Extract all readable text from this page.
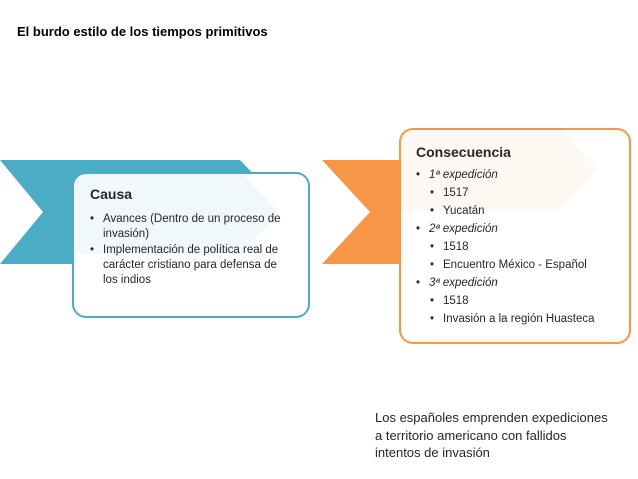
El burdo estilo de los tiempos primitivos
Causa
• Avances (Dentro de un proceso de invasión)
• Implementación de política real de carácter cristiano para defensa de los indios
Consecuencia
• 1ª expedición
• 1517
• Yucatán
• 2ª expedición
• 1518
• Encuentro México - Español
• 3ª expedición
• 1518
• Invasión a la región Huasteca
Los españoles emprenden expediciones a territorio americano con fallidos intentos de invasión
